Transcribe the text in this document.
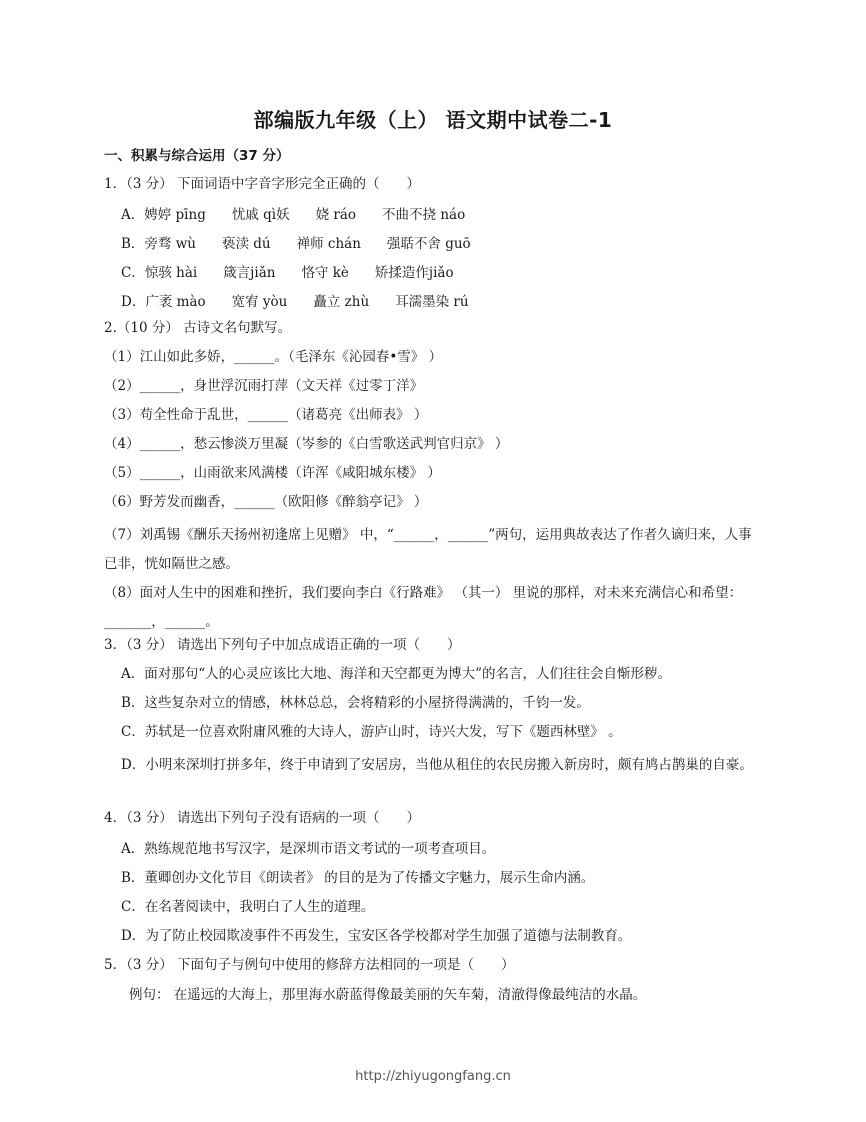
部编版九年级（上） 语文期中试卷二-1
一、积累与综合运用（37 分）
1．（3 分） 下面词语中字音字形完全正确的（　　）
A．娉婷 pīng 忧戚 qì妖 娆 ráo 不曲不挠 náo
B．旁骛 wù 亵渎 dú 禅师 chán 强聒不舍 guō
C．惊骇 hài 箴言jiǎn 恪守 kè 矫揉造作jiǎo
D．广袤 mào 宽宥 yòu 矗立 zhù 耳濡墨染 rú
2.（10 分） 古诗文名句默写。
（1）江山如此多娇，______。（毛泽东《沁园春•雪》 ）
（2）______，身世浮沉雨打萍（文天祥《过零丁洋》
（3）苟全性命于乱世，______（诸葛亮《出师表》 ）
（4）______，愁云惨淡万里凝（岑参的《白雪歌送武判官归京》 ）
（5）______，山雨欲来风满楼（许浑《咸阳城东楼》 ）
（6）野芳发而幽香，______（欧阳修《醉翁亭记》 ）
（7）刘禹锡《酬乐天扬州初逢席上见赠》 中，“______，______”两句，运用典故表达了作者久谪归来，人事已非，恍如隔世之感。
（8）面对人生中的困难和挫折，我们要向李白《行路难》 （其一） 里说的那样，对未来充满信心和希望：_______，______。
3．（3 分） 请选出下列句子中加点成语正确的一项（　　）
A．面对那句“人的心灵应该比大地、海洋和天空都更为博大”的名言，人们往往会自惭形秽。
B．这些复杂对立的情感，林林总总，会将精彩的小屋挤得满满的，千钧一发。
C．苏轼是一位喜欢附庸风雅的大诗人，游庐山时，诗兴大发，写下《题西林壁》 。
D．小明来深圳打拼多年，终于申请到了安居房，当他从租住的农民房搬入新房时，颇有鸠占鹊巢的自豪。
4．（3 分） 请选出下列句子没有语病的一项（　　）
A．熟练规范地书写汉字，是深圳市语文考试的一项考查项目。
B．董卿创办文化节目《朗读者》 的目的是为了传播文字魅力，展示生命内涵。
C．在名著阅读中，我明白了人生的道理。
D．为了防止校园欺凌事件不再发生，宝安区各学校都对学生加强了道德与法制教育。
5．（3 分） 下面句子与例句中使用的修辞方法相同的一项是（　　）
例句： 在遥远的大海上，那里海水蔚蓝得像最美丽的矢车菊，清澈得像最纯洁的水晶。
http://zhiyugongfang.cn
